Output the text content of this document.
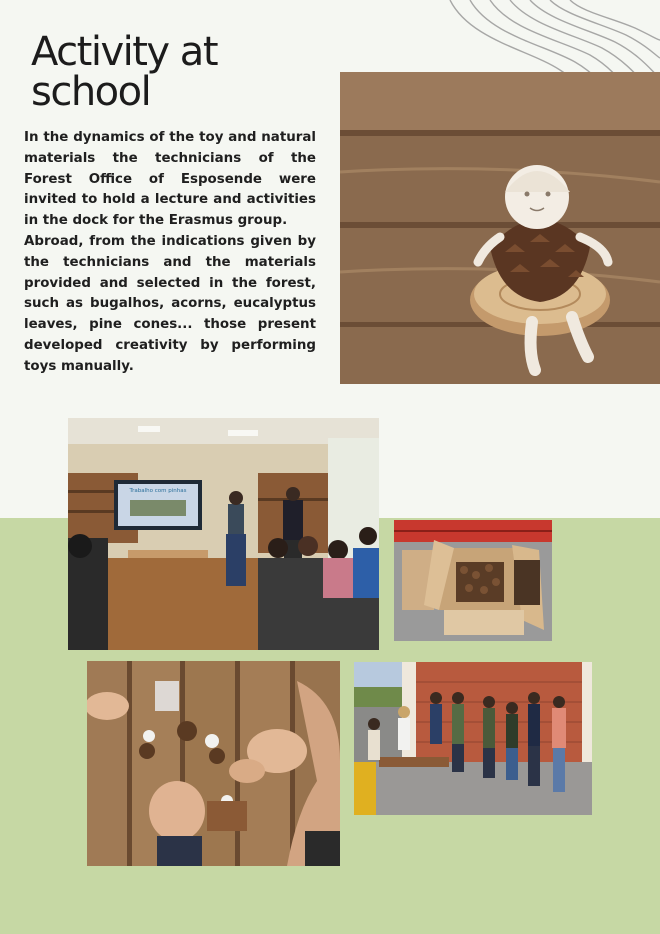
Activity at
school

In the dynamics of the toy and natural materials the technicians of the Forest Office of Esposende were invited to hold a lecture and activities in the dock for the Erasmus group.

Abroad, from the indications given by the technicians and the materials provided and selected in the forest, such as bugalhos, acorns, eucalyptus leaves, pine cones... those present developed creativity by performing toys manually.

Trabalho com pinhas
